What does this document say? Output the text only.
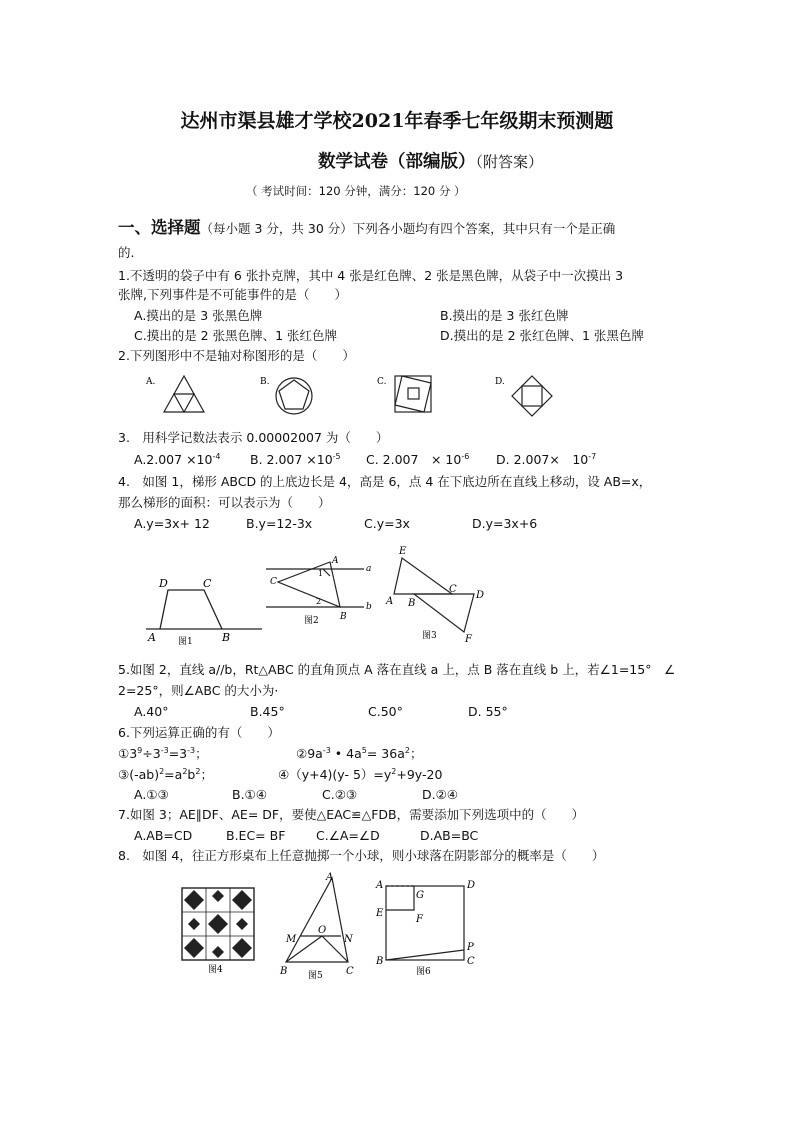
达州市渠县雄才学校2021年春季七年级期末预测题
数学试卷（部编版）（附答案）
（ 考试时间：120 分钟，满分：120 分 ）
一、选择题（每小题 3 分，共 30 分）下列各小题均有四个答案，其中只有一个是正确
的.
1.不透明的袋子中有 6 张扑克牌，其中 4 张是红色牌、2 张是黑色牌，从袋子中一次摸出 3
张牌,下列事件是不可能事件的是（　　）
A.摸出的是 3 张黑色牌	B.摸出的是 3 张红色牌
C.摸出的是 2 张黑色牌、1 张红色牌	D.摸出的是 2 张红色牌、1 张黑色牌
2.下列图形中不是轴对称图形的是（　　）
A.	B.	C.	D.
3.　用科学记数法表示 0.00002007 为（　　）
$A.2.007 \times 10^{-4}$ B. $2.007 \times 10^{-5}$ C. 2.007　× $10^{-6}$ D. 2.007×　$10^{-7}$
4.　如图 1，梯形 ABCD 的上底边长是 4，高是 6，点 4 在下底边所在直线上移动，设 AB=x，
那么梯形的面积：可以表示为（　　）
A.y=3x+ 12	B.y=12-3x	C.y=3x	D.y=3x+6
D	C
A	B
图1
A
a
C
1
2
b
B
图2
E
A B
C
D
F
图3
5.如图 2，直线 a//b，Rt△ABC 的直角顶点 A 落在直线 a 上，点 B 落在直线 b 上，若∠1=15°　∠
2=25°，则∠ABC 的大小为·
A.40°	B.45°	C.50°	D. 55°
6.下列运算正确的有（　　）
$①3^9\div 3^{-3}=3^{-3}$；	$②9a^{-3}$ • $4a^5= 36a^2$；
$③(-ab)^2=a^2b^2$；	④（y+4)(y- $5)=y^2+9y-20$
A.①③	B.①④	C.②③	D.②④
7.如图 3；AE∥DF、AE= DF，要使△EAC≌△FDB，需要添加下列选项中的（　　）
A.AB=CD	B.EC= BF C.∠A=∠D	D.AB=BC
8.　如图 4，往正方形桌布上任意抛掷一个小球，则小球落在阴影部分的概率是（　　）
图4
A
M
O
N
B	C
图5
A
G
D
E
F
P
B	C
图6
